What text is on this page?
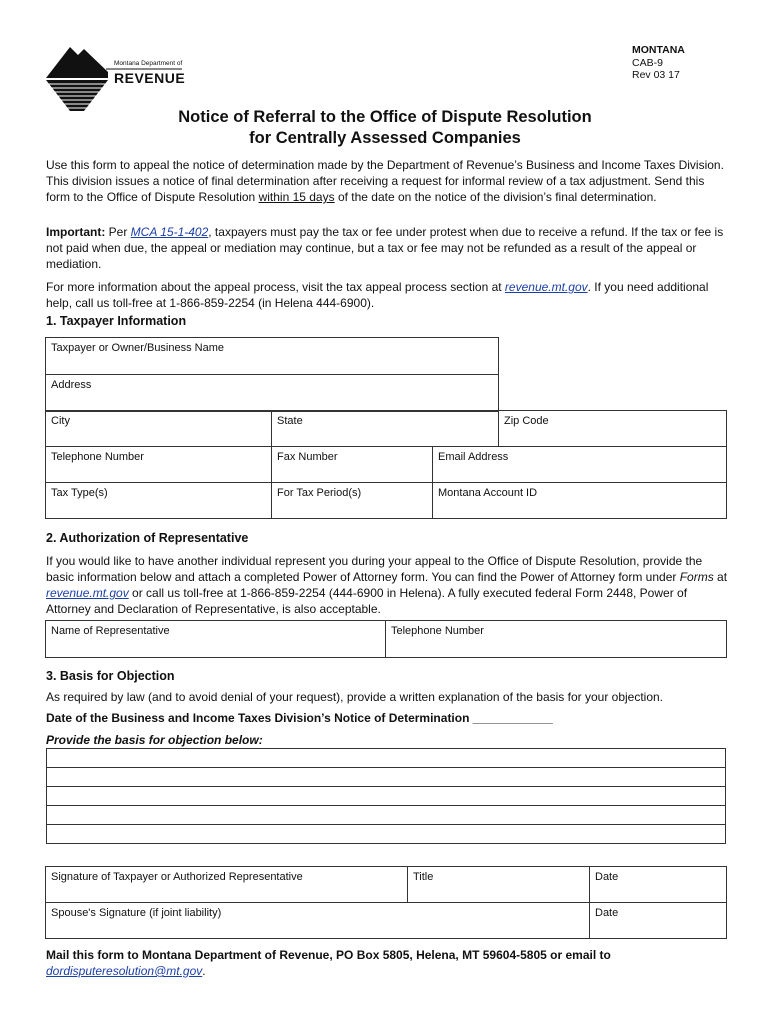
Montana Department of
REVENUE
MONTANA
CAB-9
Rev 03 17
Notice of Referral to the Office of Dispute Resolution
for Centrally Assessed Companies
Use this form to appeal the notice of determination made by the Department of Revenue’s Business and Income Taxes Division. This division issues a notice of final determination after receiving a request for informal review of a tax adjustment. Send this form to the Office of Dispute Resolution within 15 days of the date on the notice of the division’s final determination.
Important: Per MCA 15-1-402, taxpayers must pay the tax or fee under protest when due to receive a refund. If the tax or fee is not paid when due, the appeal or mediation may continue, but a tax or fee may not be refunded as a result of the appeal or mediation.
For more information about the appeal process, visit the tax appeal process section at revenue.mt.gov. If you need additional help, call us toll-free at 1-866-859-2254 (in Helena 444-6900).
1. Taxpayer Information
Taxpayer or Owner/Business Name
Address
City	State		Zip Code
Telephone Number	Fax Number	Email Address	
Tax Type(s)	For Tax Period(s)	Montana Account ID	
2. Authorization of Representative
If you would like to have another individual represent you during your appeal to the Office of Dispute Resolution, provide the basic information below and attach a completed Power of Attorney form. You can find the Power of Attorney form under Forms at revenue.mt.gov or call us toll-free at 1-866-859-2254 (444-6900 in Helena). A fully executed federal Form 2448, Power of Attorney and Declaration of Representative, is also acceptable.
Name of Representative	Telephone Number
3. Basis for Objection
As required by law (and to avoid denial of your request), provide a written explanation of the basis for your objection.
Date of the Business and Income Taxes Division’s Notice of Determination ____________
Provide the basis for objection below:

Signature of Taxpayer or Authorized Representative	Title	Date
Spouse's Signature (if joint liability)		Date
Mail this form to Montana Department of Revenue, PO Box 5805, Helena, MT 59604-5805 or email to
dordisputeresolution@mt.gov.
